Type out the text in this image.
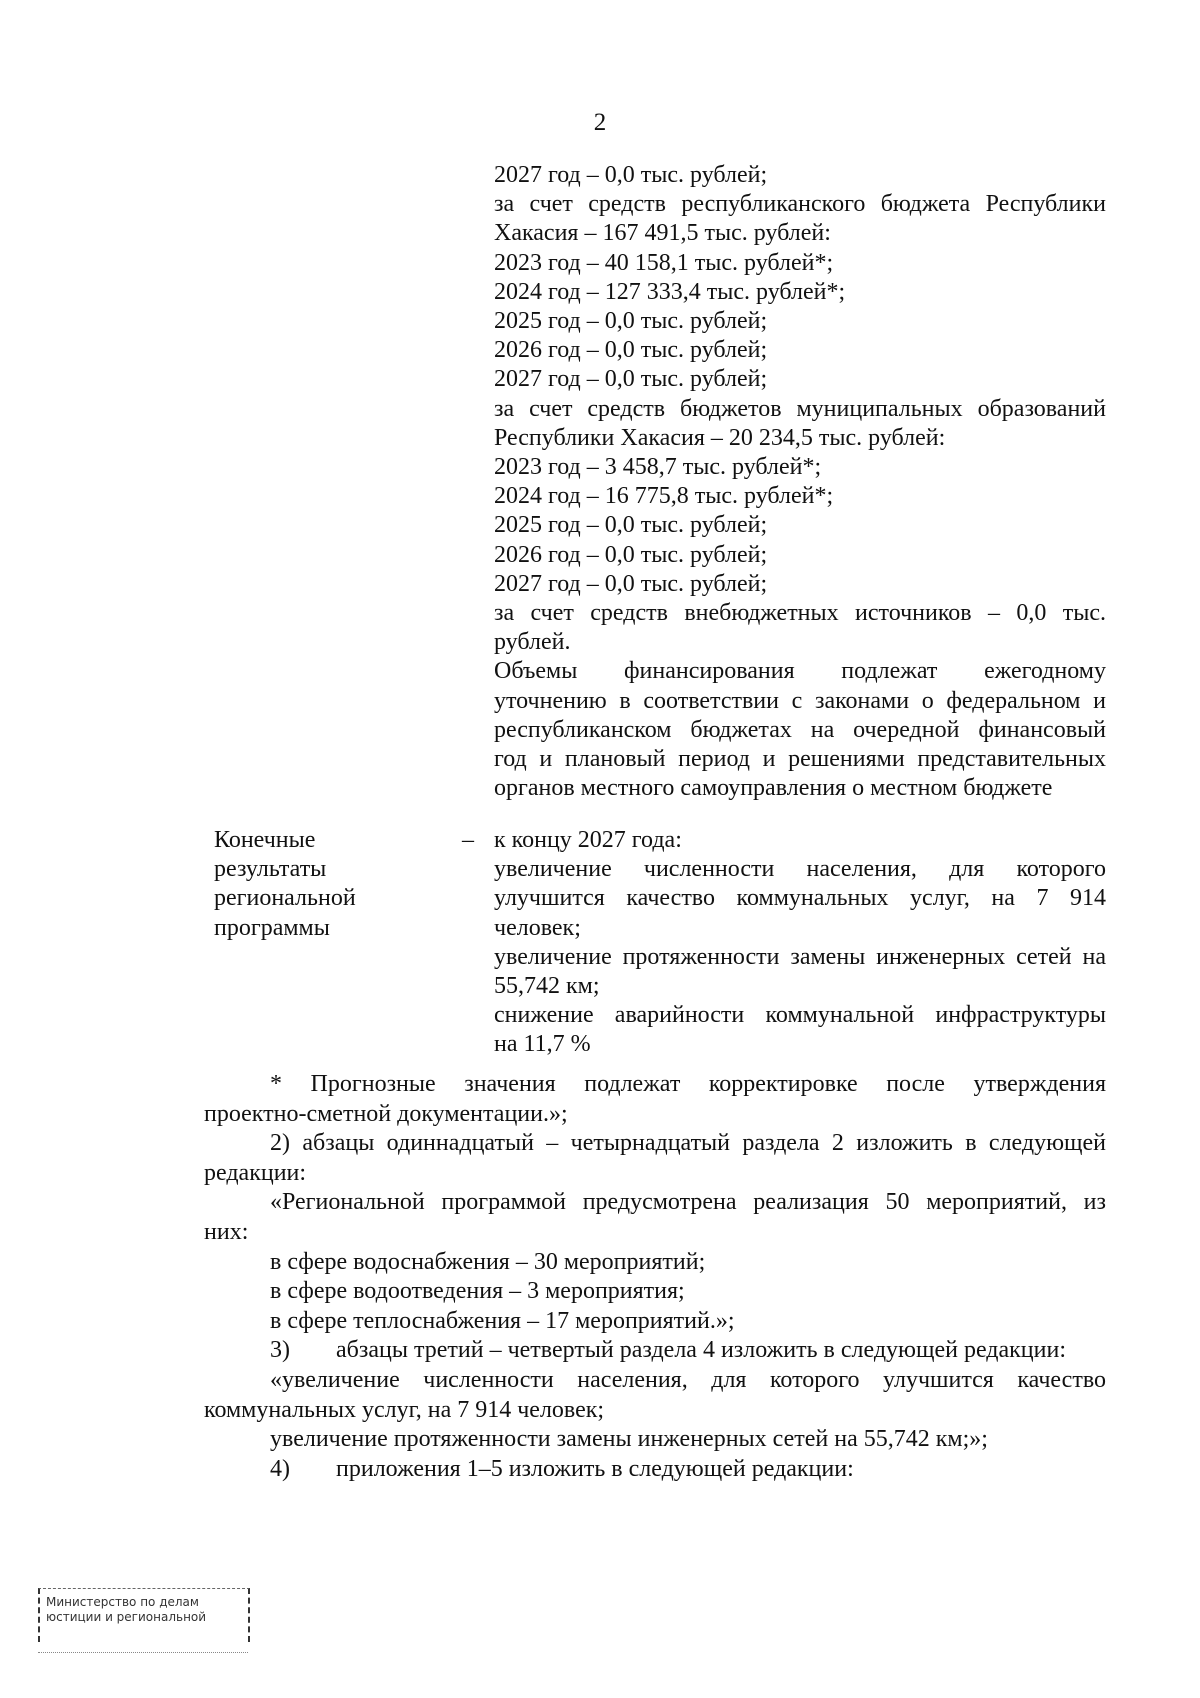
2

2027 год – 0,0 тыс. рублей;

за счет средств республиканского бюджета Республики

Хакасия – 167 491,5 тыс. рублей:

2023 год – 40 158,1 тыс. рублей*;

2024 год – 127 333,4 тыс. рублей*;

2025 год – 0,0 тыс. рублей;

2026 год – 0,0 тыс. рублей;

2027 год – 0,0 тыс. рублей;

за счет средств бюджетов муниципальных образований

Республики Хакасия – 20 234,5 тыс. рублей:

2023 год – 3 458,7 тыс. рублей*;

2024 год – 16 775,8 тыс. рублей*;

2025 год – 0,0 тыс. рублей;

2026 год – 0,0 тыс. рублей;

2027 год – 0,0 тыс. рублей;

за счет средств внебюджетных источников – 0,0 тыс.

рублей.

Объемы финансирования подлежат ежегодному
уточнению в соответствии с законами о федеральном и
республиканском бюджетах на очередной финансовый
год и плановый период и решениями представительных
органов местного самоуправления о местном бюджете
Конечные
результаты
региональной
программы
– к концу 2027 года:

увеличение численности населения, для которого

улучшится качество коммунальных услуг, на 7 914

человек;

увеличение протяженности замены инженерных сетей на

55,742 км;

снижение аварийности коммунальной инфраструктуры

на 11,7 %

* Прогнозные значения подлежат корректировке после утверждения

проектно-сметной документации.»;

2) абзацы одиннадцатый – четырнадцатый раздела 2 изложить в следующей

редакции:

«Региональной программой предусмотрена реализация 50 мероприятий, из

них:

в сфере водоснабжения – 30 мероприятий;

в сфере водоотведения – 3 мероприятия;

в сфере теплоснабжения – 17 мероприятий.»;

3) абзацы третий – четвертый раздела 4 изложить в следующей редакции:

«увеличение численности населения, для которого улучшится качество

коммунальных услуг, на 7 914 человек;

увеличение протяженности замены инженерных сетей на 55,742 км;»;

4) приложения 1–5 изложить в следующей редакции:

Министерство по делам
юстиции и региональной
